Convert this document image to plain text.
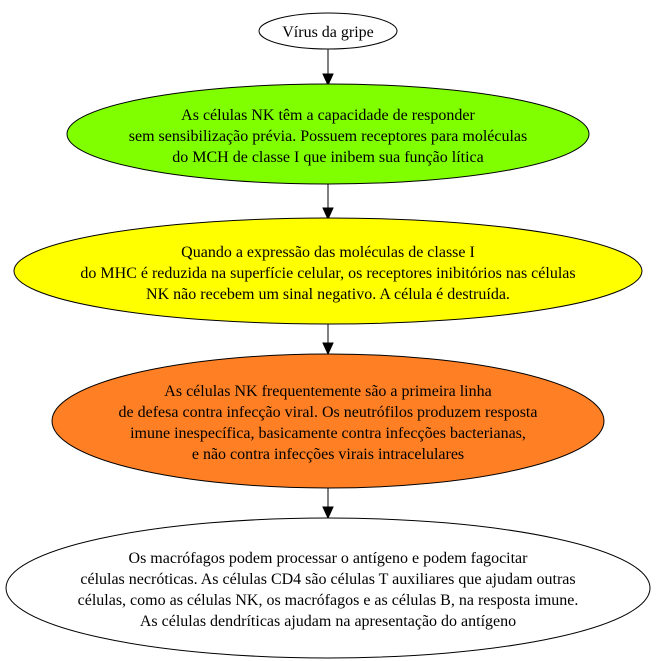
Vírus da gripe
As células NK têm a capacidade de responder
sem sensibilização prévia. Possuem receptores para moléculas
do MCH de classe I que inibem sua função lítica
Quando a expressão das moléculas de classe I
do MHC é reduzida na superfície celular, os receptores inibitórios nas células
NK não recebem um sinal negativo. A célula é destruída.
As células NK frequentemente são a primeira linha
de defesa contra infecção viral. Os neutrófilos produzem resposta
imune inespecífica, basicamente contra infecções bacterianas,
e não contra infecções virais intracelulares
Os macrófagos podem processar o antígeno e podem fagocitar
células necróticas. As células CD4 são células T auxiliares que ajudam outras
células, como as células NK, os macrófagos e as células B, na resposta imune.
As células dendríticas ajudam na apresentação do antígeno
